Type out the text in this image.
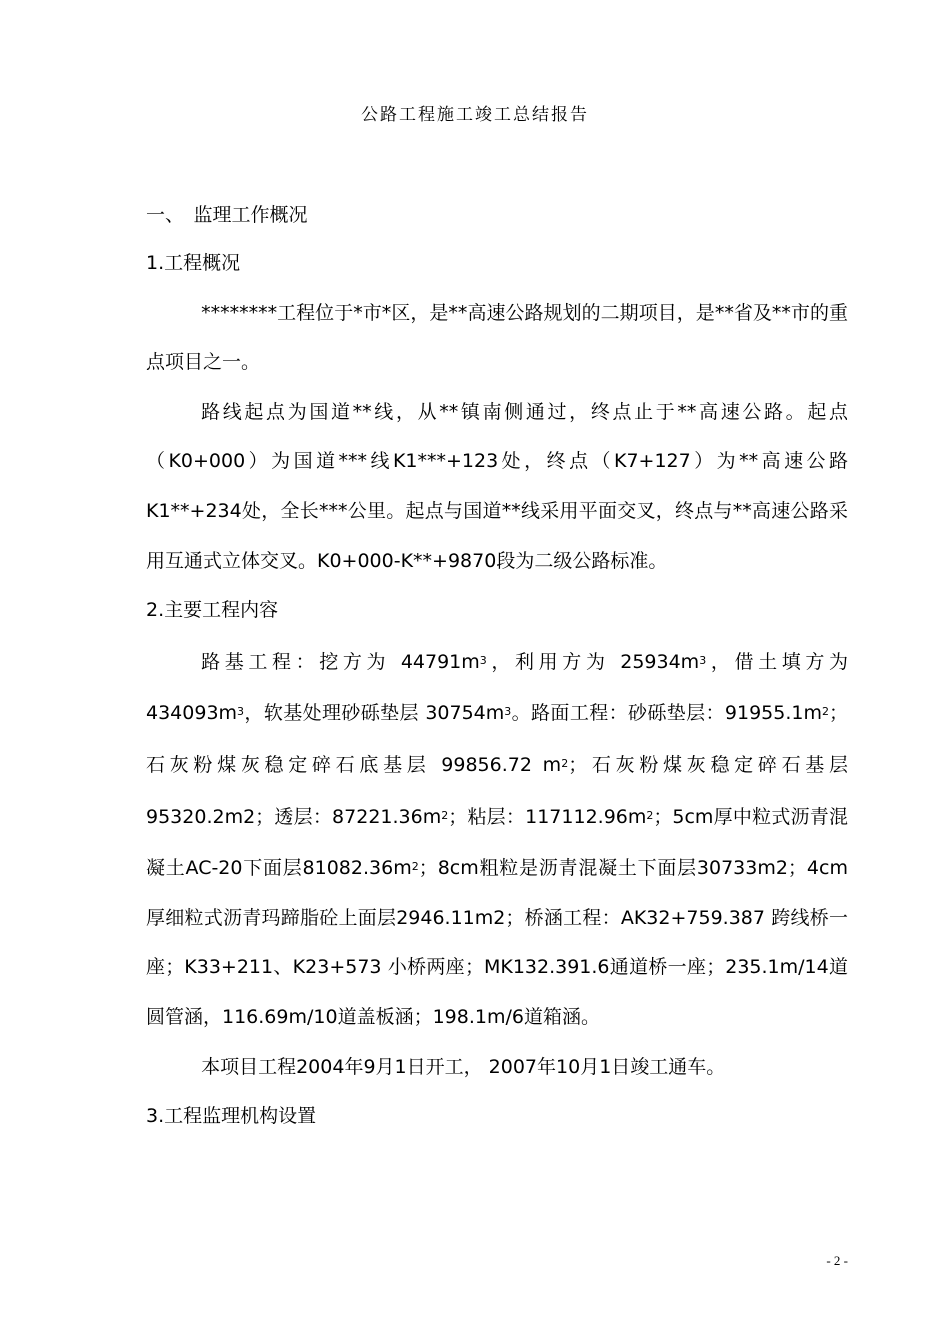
公路工程施工竣工总结报告
一、　监理工作概况

1.工程概况

********工程位于*市*区，是**高速公路规划的二期项目，是**省及**市的重点项目之一。

路线起点为国道**线，从**镇南侧通过，终点止于**高速公路。起点（K0+000）为国道***线K1***+123处，终点（K7+127）为**高速公路K1**+234处，全长***公里。起点与国道**线采用平面交叉，终点与**高速公路采用互通式立体交叉。K0+000-K**+9870段为二级公路标准。

2.主要工程内容

路基工程：挖方为 $44791m^3$，利用方为 $25934m^3$，借土填方为 $434093m^3$，软基处理砂砾垫层 $30754m^3$。路面工程：砂砾垫层：$91955.1m^2$；石灰粉煤灰稳定碎石底基层 99856.72 $m^2$；石灰粉煤灰稳定碎石基层 95320.2m2；透层：$87221.36m^2$；粘层：$117112.96m^2$；5cm厚中粒式沥青混凝土AC-20下面层$81082.36m^2$；8cm粗粒是沥青混凝土下面层30733m2；4cm厚细粒式沥青玛蹄脂砼上面层2946.11m2；桥涵工程：AK32+759.387 跨线桥一座；K33+211、K23+573 小桥两座；MK132.391.6通道桥一座；235.1m/14道圆管涵，116.69m/10道盖板涵；198.1m/6道箱涵。

本项目工程2004年9月1日开工， 2007年10月1日竣工通车。

3.工程监理机构设置

- 2 -
